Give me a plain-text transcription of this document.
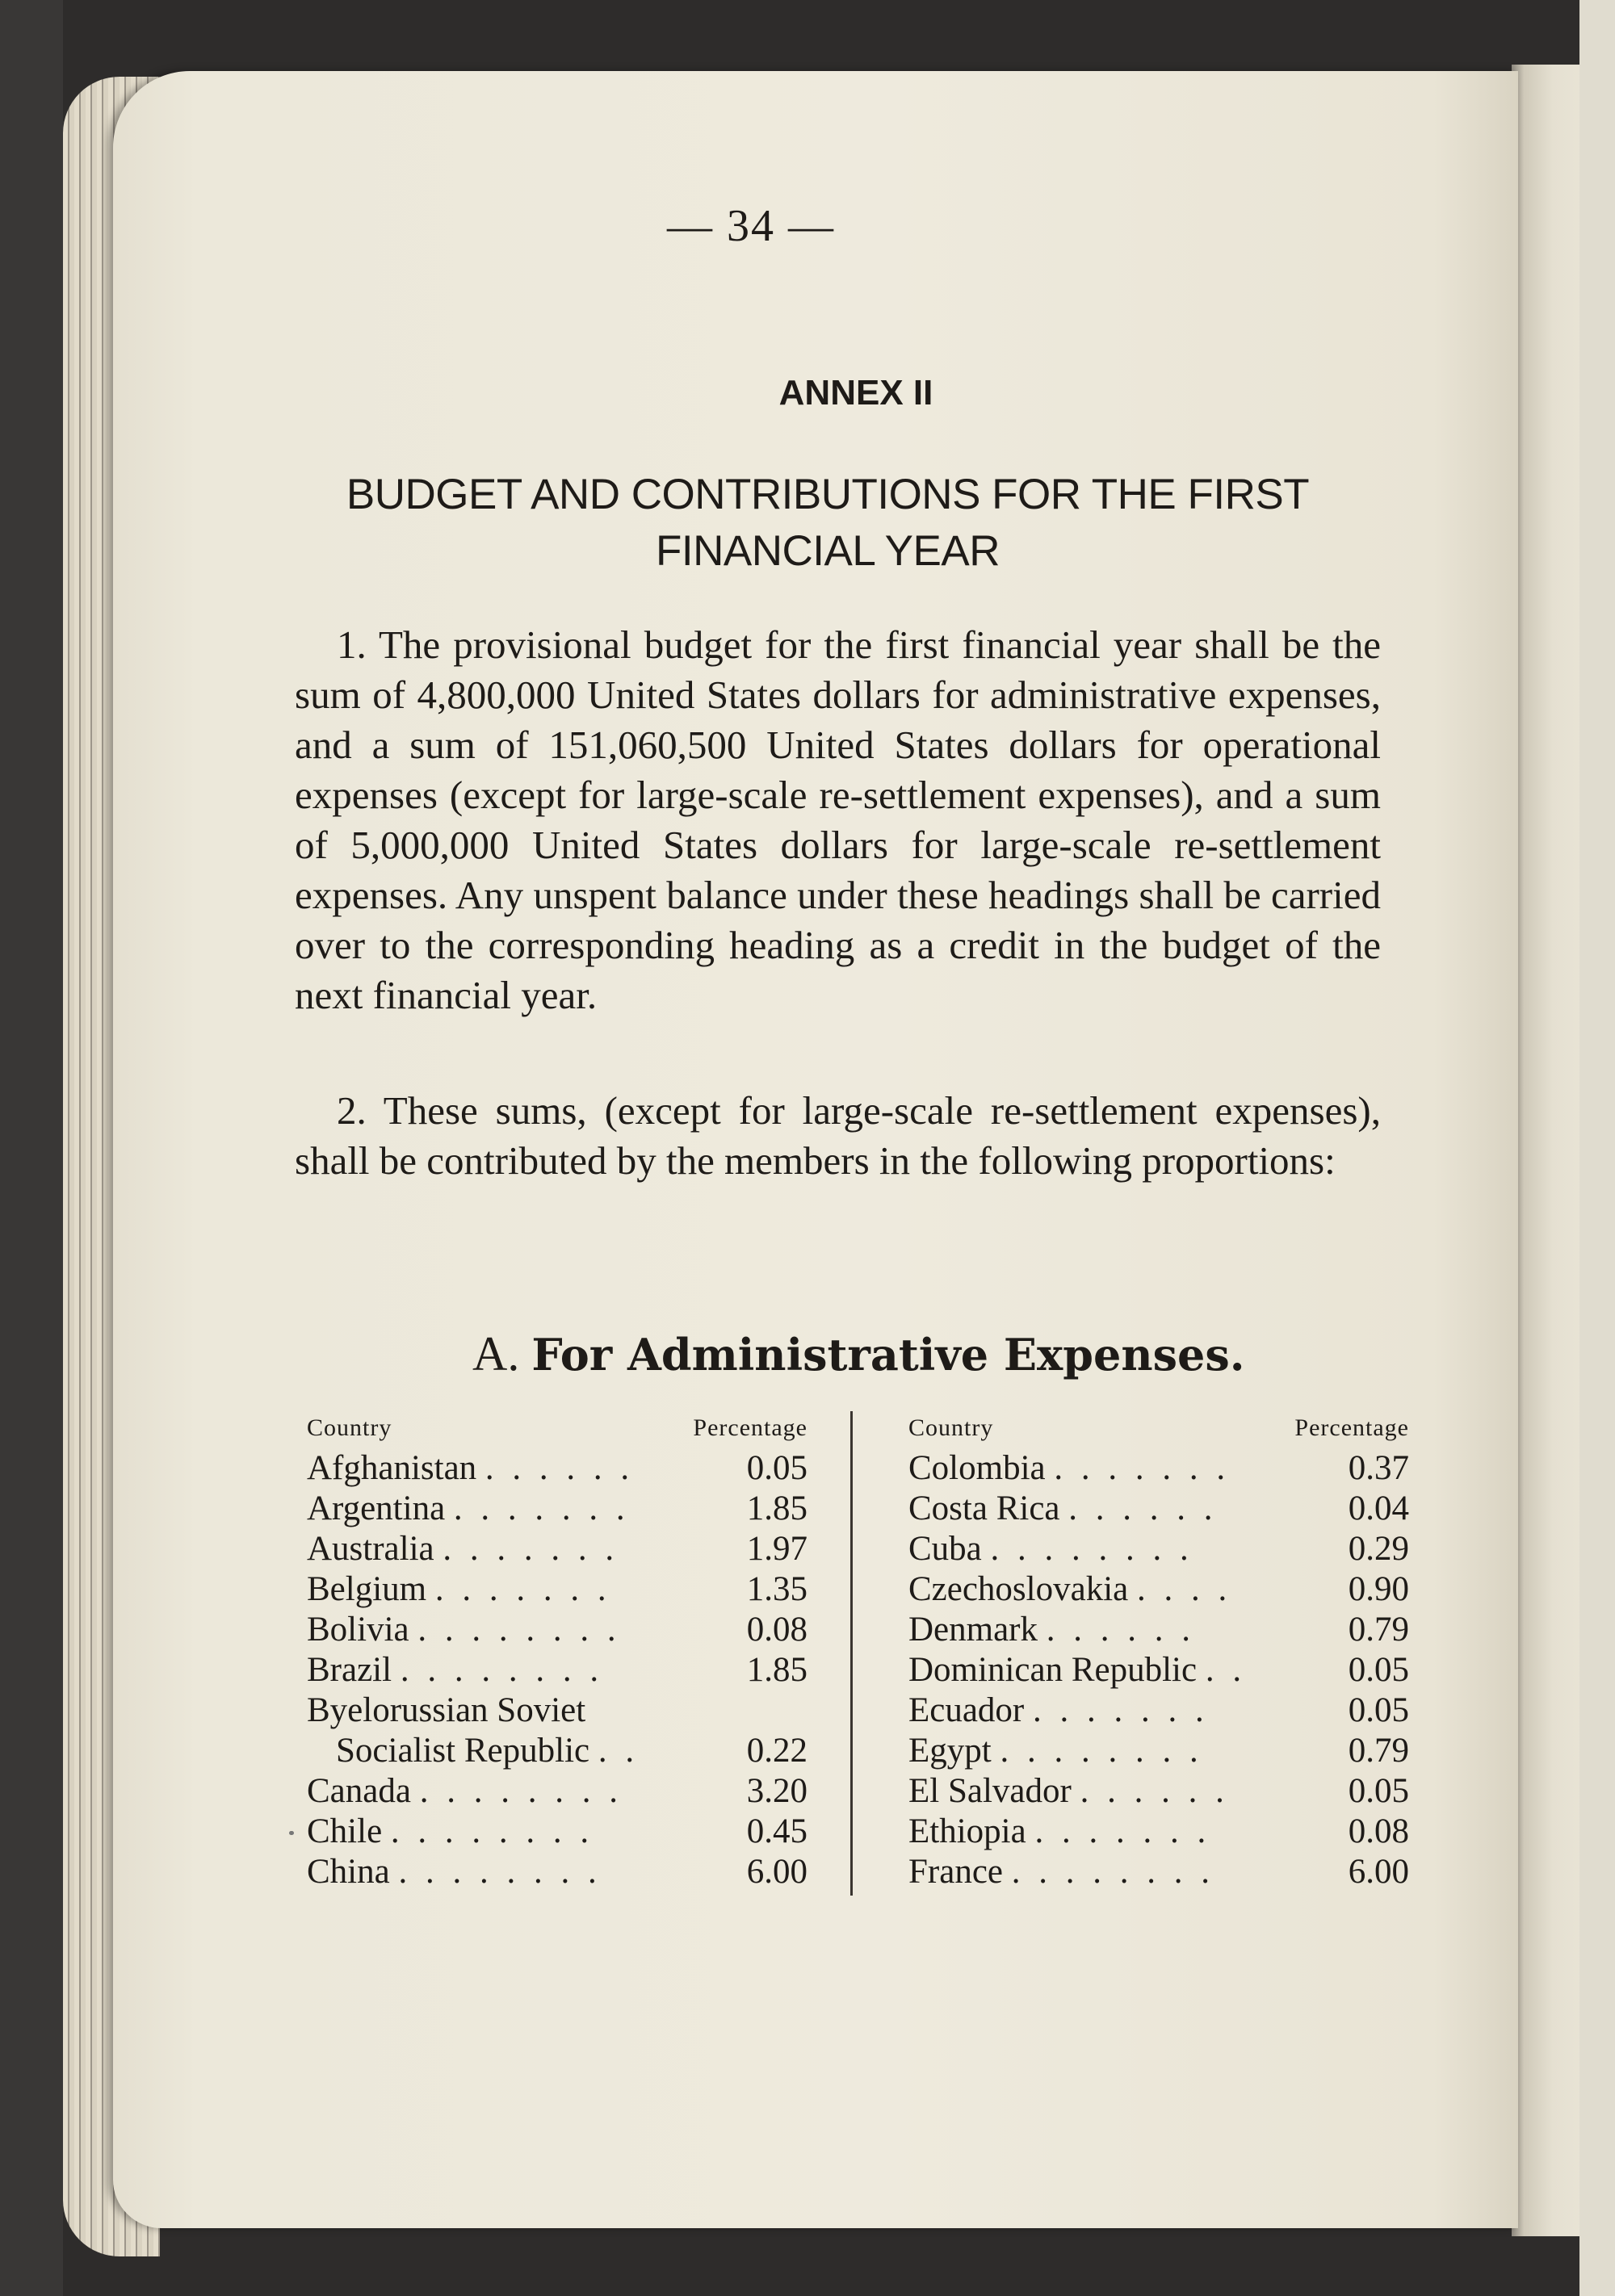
— 34 —
ANNEX II
BUDGET AND CONTRIBUTIONS FOR THE FIRST
FINANCIAL YEAR
1. The provisional budget for the first financial year shall be the sum of 4,800,000 United States dollars for administrative expenses, and a sum of 151,060,500 United States dollars for operational expenses (except for large-scale re-settlement expenses), and a sum of 5,000,000 United States dollars for large-scale re-settlement expenses. Any unspent balance under these headings shall be carried over to the corresponding heading as a credit in the budget of the next financial year.
2. These sums, (except for large-scale re-settlement expenses), shall be contributed by the members in the following proportions:
A. For Administrative Expenses.
Country	Percentage
Afghanistan . . . . . .	0.05
Argentina . . . . . . .	1.85
Australia . . . . . . .	1.97
Belgium . . . . . . .	1.35
Bolivia . . . . . . . .	0.08
Brazil . . . . . . . .	1.85
Byelorussian Soviet
Socialist Republic . .	0.22
Canada . . . . . . . .	3.20
Chile . . . . . . . .	0.45
China . . . . . . . .	6.00
Country	Percentage
Colombia . . . . . . .	0.37
Costa Rica . . . . . .	0.04
Cuba . . . . . . . .	0.29
Czechoslovakia . . . .	0.90
Denmark . . . . . .	0.79
Dominican Republic . .	0.05
Ecuador . . . . . . .	0.05
Egypt . . . . . . . .	0.79
El Salvador . . . . . .	0.05
Ethiopia . . . . . . .	0.08
France . . . . . . . .	6.00
